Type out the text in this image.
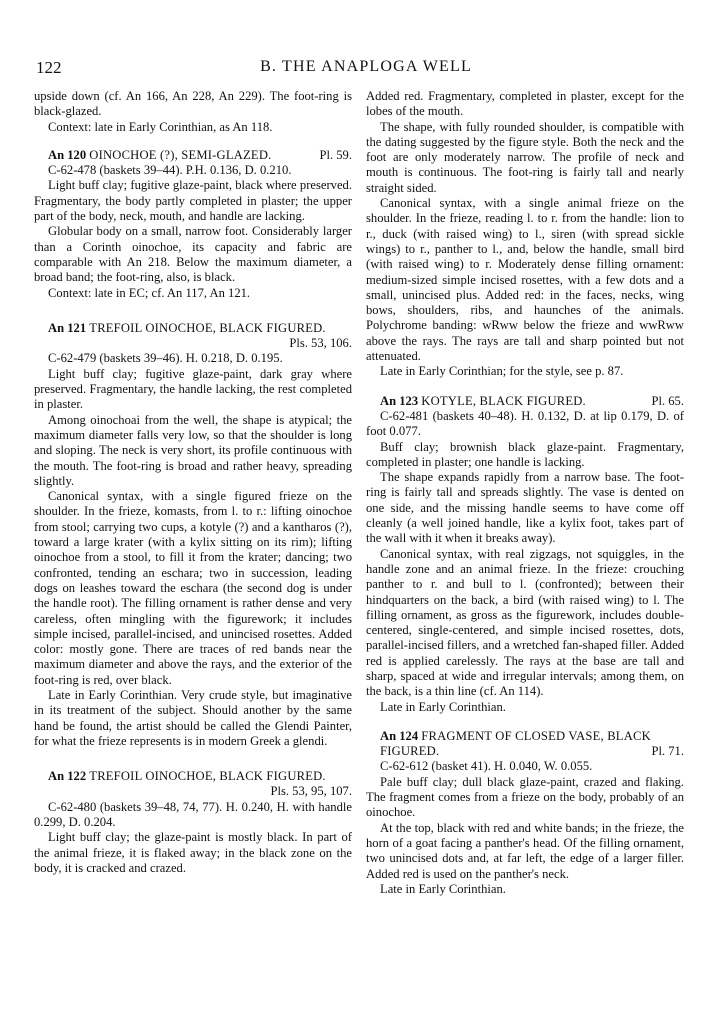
122	B. THE ANAPLOGA WELL

upside down (cf. An 166, An 228, An 229). The foot-ring is black-glazed.

Context: late in Early Corinthian, as An 118.

An 120 OINOCHOE (?), SEMI-GLAZED.	Pl. 59.

C-62-478 (baskets 39–44). P.H. 0.136, D. 0.210.

Light buff clay; fugitive glaze-paint, black where preserved. Fragmentary, the body partly completed in plaster; the upper part of the body, neck, mouth, and handle are lacking.

Globular body on a small, narrow foot. Considerably larger than a Corinth oinochoe, its capacity and fabric are comparable with An 218. Below the maximum diameter, a broad band; the foot-ring, also, is black.

Context: late in EC; cf. An 117, An 121.

An 121 TREFOIL OINOCHOE, BLACK FIGURED.

Pls. 53, 106.

C-62-479 (baskets 39–46). H. 0.218, D. 0.195.

Light buff clay; fugitive glaze-paint, dark gray where preserved. Fragmentary, the handle lacking, the rest completed in plaster.

Among oinochoai from the well, the shape is atypical; the maximum diameter falls very low, so that the shoulder is long and sloping. The neck is very short, its profile continuous with the mouth. The foot-ring is broad and rather heavy, spreading slightly.

Canonical syntax, with a single figured frieze on the shoulder. In the frieze, komasts, from l. to r.: lifting oinochoe from stool; carrying two cups, a kotyle (?) and a kantharos (?), toward a large krater (with a kylix sitting on its rim); lifting oinochoe from a stool, to fill it from the krater; dancing; two confronted, tending an eschara; two in succession, leading dogs on leashes toward the eschara (the second dog is under the handle root). The filling ornament is rather dense and very careless, often mingling with the figurework; it includes simple incised, parallel-incised, and unincised rosettes. Added color: mostly gone. There are traces of red bands near the maximum diameter and above the rays, and the exterior of the foot-ring is red, over black.

Late in Early Corinthian. Very crude style, but imaginative in its treatment of the subject. Should another by the same hand be found, the artist should be called the Glendi Painter, for what the frieze represents is in modern Greek a glendi.

An 122 TREFOIL OINOCHOE, BLACK FIGURED.

Pls. 53, 95, 107.

C-62-480 (baskets 39–48, 74, 77). H. 0.240, H. with handle 0.299, D. 0.204.

Light buff clay; the glaze-paint is mostly black. In part of the animal frieze, it is flaked away; in the black zone on the body, it is cracked and crazed.

Added red. Fragmentary, completed in plaster, except for the lobes of the mouth.

The shape, with fully rounded shoulder, is compatible with the dating suggested by the figure style. Both the neck and the foot are only moderately narrow. The profile of neck and mouth is continuous. The foot-ring is fairly tall and nearly straight sided.

Canonical syntax, with a single animal frieze on the shoulder. In the frieze, reading l. to r. from the handle: lion to r., duck (with raised wing) to l., siren (with spread sickle wings) to r., panther to l., and, below the handle, small bird (with raised wing) to r. Moderately dense filling ornament: medium-sized simple incised rosettes, with a few dots and a small, unincised plus. Added red: in the faces, necks, wing bows, shoulders, ribs, and haunches of the animals. Polychrome banding: wRww below the frieze and wwRww above the rays. The rays are tall and sharp pointed but not attenuated.

Late in Early Corinthian; for the style, see p. 87.

An 123 KOTYLE, BLACK FIGURED.	Pl. 65.

C-62-481 (baskets 40–48). H. 0.132, D. at lip 0.179, D. of foot 0.077.

Buff clay; brownish black glaze-paint. Fragmentary, completed in plaster; one handle is lacking.

The shape expands rapidly from a narrow base. The foot-ring is fairly tall and spreads slightly. The vase is dented on one side, and the missing handle seems to have come off cleanly (a well joined handle, like a kylix foot, takes part of the wall with it when it breaks away).

Canonical syntax, with real zigzags, not squiggles, in the handle zone and an animal frieze. In the frieze: crouching panther to r. and bull to l. (confronted); between their hindquarters on the back, a bird (with raised wing) to l. The filling ornament, as gross as the figurework, includes double-centered, single-centered, and simple incised rosettes, dots, parallel-incised fillers, and a wretched fan-shaped filler. Added red is applied carelessly. The rays at the base are tall and sharp, spaced at wide and irregular intervals; among them, on the back, is a thin line (cf. An 114).

Late in Early Corinthian.

An 124 FRAGMENT OF CLOSED VASE, BLACK

FIGURED.	Pl. 71.

C-62-612 (basket 41). H. 0.040, W. 0.055.

Pale buff clay; dull black glaze-paint, crazed and flaking. The fragment comes from a frieze on the body, probably of an oinochoe.

At the top, black with red and white bands; in the frieze, the horn of a goat facing a panther's head. Of the filling ornament, two unincised dots and, at far left, the edge of a larger filler. Added red is used on the panther's neck.

Late in Early Corinthian.
